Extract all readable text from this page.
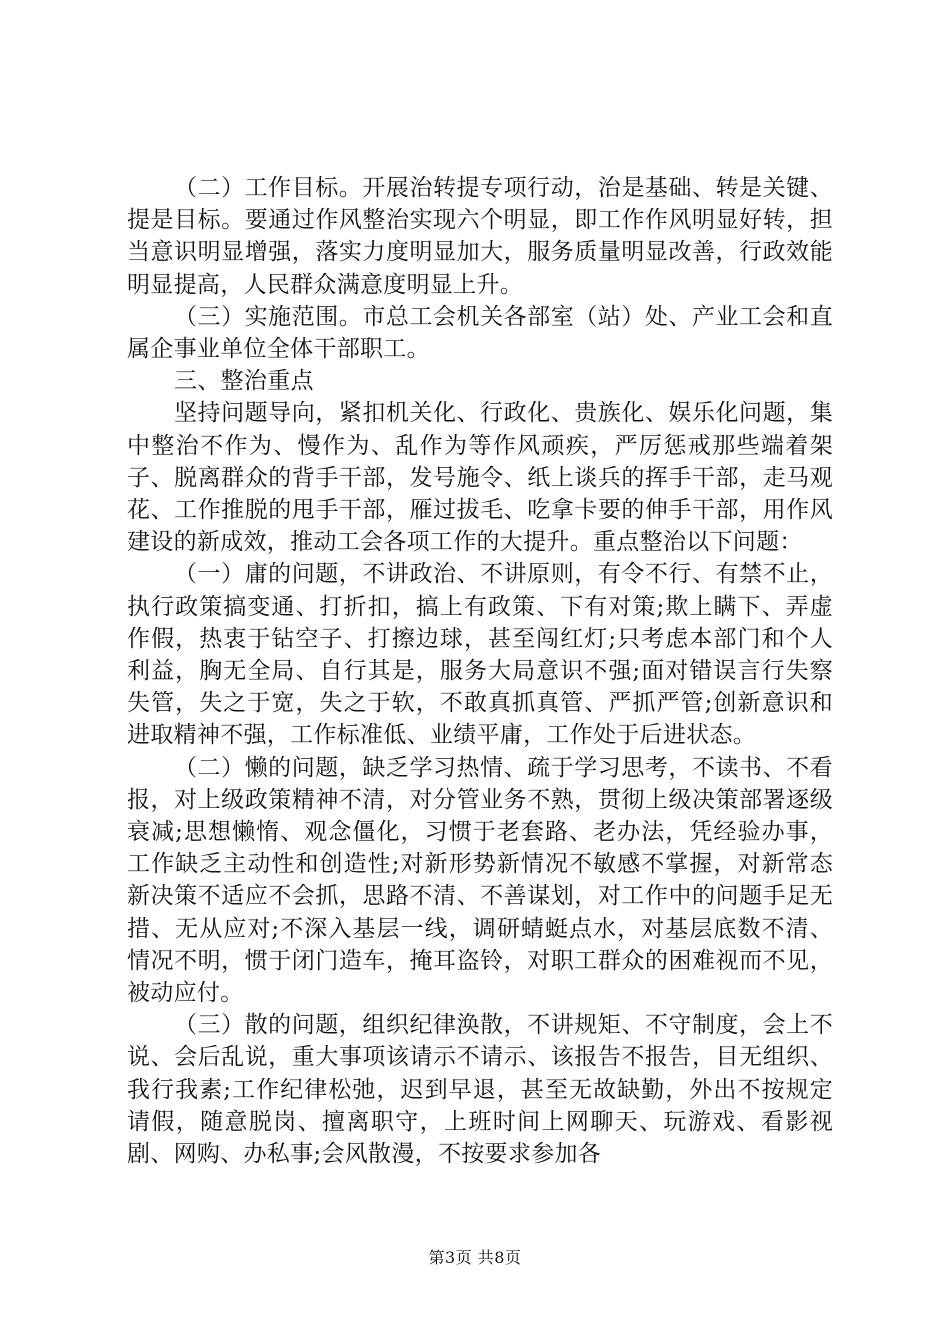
（二）工作目标。开展治转提专项行动，治是基础、转是关键、提是目标。要通过作风整治实现六个明显，即工作作风明显好转，担当意识明显增强，落实力度明显加大，服务质量明显改善，行政效能明显提高，人民群众满意度明显上升。

（三）实施范围。市总工会机关各部室（站）处、产业工会和直属企事业单位全体干部职工。

三、整治重点

坚持问题导向，紧扣机关化、行政化、贵族化、娱乐化问题，集中整治不作为、慢作为、乱作为等作风顽疾，严厉惩戒那些端着架子、脱离群众的背手干部，发号施令、纸上谈兵的挥手干部，走马观花、工作推脱的甩手干部，雁过拔毛、吃拿卡要的伸手干部，用作风建设的新成效，推动工会各项工作的大提升。重点整治以下问题：

（一）庸的问题，不讲政治、不讲原则，有令不行、有禁不止，执行政策搞变通、打折扣，搞上有政策、下有对策;欺上瞒下、弄虚作假，热衷于钻空子、打擦边球，甚至闯红灯;只考虑本部门和个人利益，胸无全局、自行其是，服务大局意识不强;面对错误言行失察失管，失之于宽，失之于软，不敢真抓真管、严抓严管;创新意识和进取精神不强，工作标准低、业绩平庸，工作处于后进状态。

（二）懒的问题，缺乏学习热情、疏于学习思考，不读书、不看报，对上级政策精神不清，对分管业务不熟，贯彻上级决策部署逐级衰减;思想懒惰、观念僵化，习惯于老套路、老办法，凭经验办事，工作缺乏主动性和创造性;对新形势新情况不敏感不掌握，对新常态新决策不适应不会抓，思路不清、不善谋划，对工作中的问题手足无措、无从应对;不深入基层一线，调研蜻蜓点水，对基层底数不清、情况不明，惯于闭门造车，掩耳盗铃，对职工群众的困难视而不见，被动应付。

（三）散的问题，组织纪律涣散，不讲规矩、不守制度，会上不说、会后乱说，重大事项该请示不请示、该报告不报告，目无组织、我行我素;工作纪律松弛，迟到早退，甚至无故缺勤，外出不按规定请假，随意脱岗、擅离职守，上班时间上网聊天、玩游戏、看影视剧、网购、办私事;会风散漫，不按要求参加各

第3页 共8页
